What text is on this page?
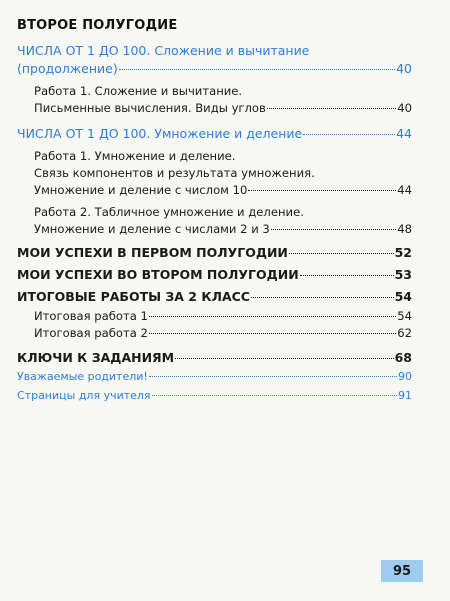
ВТОРОЕ ПОЛУГОДИЕ
ЧИСЛА ОТ 1 ДО 100. Сложение и вычитание
(продолжение)	40
Работа 1. Сложение и вычитание.
Письменные вычисления. Виды углов	40
ЧИСЛА ОТ 1 ДО 100. Умножение и деление	44
Работа 1. Умножение и деление.
Связь компонентов и результата умножения.
Умножение и деление с числом 10	44
Работа 2. Табличное умножение и деление.
Умножение и деление с числами 2 и 3	48
МОИ УСПЕХИ В ПЕРВОМ ПОЛУГОДИИ	52
МОИ УСПЕХИ ВО ВТОРОМ ПОЛУГОДИИ	53
ИТОГОВЫЕ РАБОТЫ ЗА 2 КЛАСС	54
Итоговая работа 1	54
Итоговая работа 2	62
КЛЮЧИ К ЗАДАНИЯМ	68
Уважаемые родители!	90
Страницы для учителя	91
95
